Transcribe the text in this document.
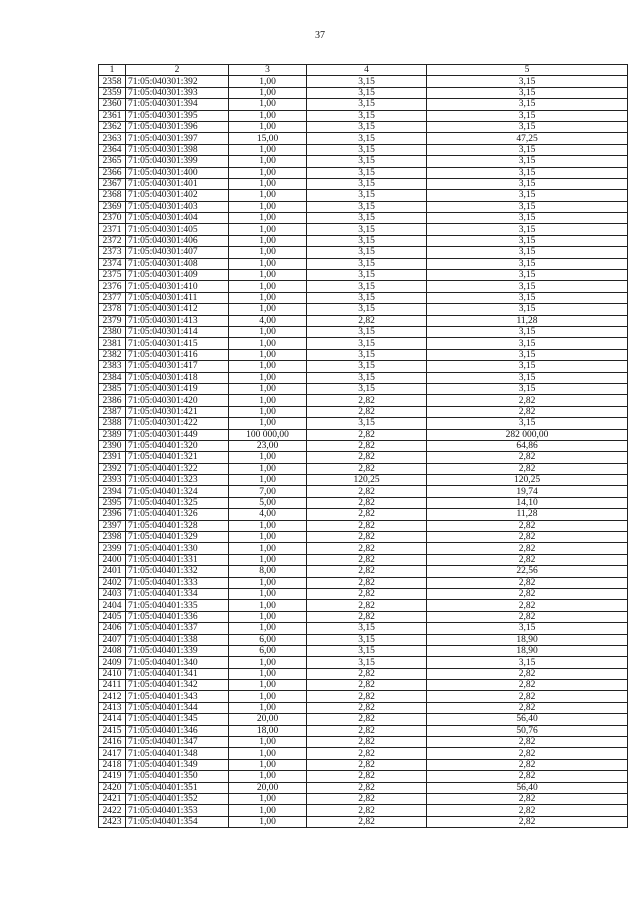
37
1	2	3	4	5
2358	71:05:040301:392	1,00	3,15	3,15
2359	71:05:040301:393	1,00	3,15	3,15
2360	71:05:040301:394	1,00	3,15	3,15
2361	71:05:040301:395	1,00	3,15	3,15
2362	71:05:040301:396	1,00	3,15	3,15
2363	71:05:040301:397	15,00	3,15	47,25
2364	71:05:040301:398	1,00	3,15	3,15
2365	71:05:040301:399	1,00	3,15	3,15
2366	71:05:040301:400	1,00	3,15	3,15
2367	71:05:040301:401	1,00	3,15	3,15
2368	71:05:040301:402	1,00	3,15	3,15
2369	71:05:040301:403	1,00	3,15	3,15
2370	71:05:040301:404	1,00	3,15	3,15
2371	71:05:040301:405	1,00	3,15	3,15
2372	71:05:040301:406	1,00	3,15	3,15
2373	71:05:040301:407	1,00	3,15	3,15
2374	71:05:040301:408	1,00	3,15	3,15
2375	71:05:040301:409	1,00	3,15	3,15
2376	71:05:040301:410	1,00	3,15	3,15
2377	71:05:040301:411	1,00	3,15	3,15
2378	71:05:040301:412	1,00	3,15	3,15
2379	71:05:040301:413	4,00	2,82	11,28
2380	71:05:040301:414	1,00	3,15	3,15
2381	71:05:040301:415	1,00	3,15	3,15
2382	71:05:040301:416	1,00	3,15	3,15
2383	71:05:040301:417	1,00	3,15	3,15
2384	71:05:040301:418	1,00	3,15	3,15
2385	71:05:040301:419	1,00	3,15	3,15
2386	71:05:040301:420	1,00	2,82	2,82
2387	71:05:040301:421	1,00	2,82	2,82
2388	71:05:040301:422	1,00	3,15	3,15
2389	71:05:040301:449	100 000,00	2,82	282 000,00
2390	71:05:040401:320	23,00	2,82	64,86
2391	71:05:040401:321	1,00	2,82	2,82
2392	71:05:040401:322	1,00	2,82	2,82
2393	71:05:040401:323	1,00	120,25	120,25
2394	71:05:040401:324	7,00	2,82	19,74
2395	71:05:040401:325	5,00	2,82	14,10
2396	71:05:040401:326	4,00	2,82	11,28
2397	71:05:040401:328	1,00	2,82	2,82
2398	71:05:040401:329	1,00	2,82	2,82
2399	71:05:040401:330	1,00	2,82	2,82
2400	71:05:040401:331	1,00	2,82	2,82
2401	71:05:040401:332	8,00	2,82	22,56
2402	71:05:040401:333	1,00	2,82	2,82
2403	71:05:040401:334	1,00	2,82	2,82
2404	71:05:040401:335	1,00	2,82	2,82
2405	71:05:040401:336	1,00	2,82	2,82
2406	71:05:040401:337	1,00	3,15	3,15
2407	71:05:040401:338	6,00	3,15	18,90
2408	71:05:040401:339	6,00	3,15	18,90
2409	71:05:040401:340	1,00	3,15	3,15
2410	71:05:040401:341	1,00	2,82	2,82
2411	71:05:040401:342	1,00	2,82	2,82
2412	71:05:040401:343	1,00	2,82	2,82
2413	71:05:040401:344	1,00	2,82	2,82
2414	71:05:040401:345	20,00	2,82	56,40
2415	71:05:040401:346	18,00	2,82	50,76
2416	71:05:040401:347	1,00	2,82	2,82
2417	71:05:040401:348	1,00	2,82	2,82
2418	71:05:040401:349	1,00	2,82	2,82
2419	71:05:040401:350	1,00	2,82	2,82
2420	71:05:040401:351	20,00	2,82	56,40
2421	71:05:040401:352	1,00	2,82	2,82
2422	71:05:040401:353	1,00	2,82	2,82
2423	71:05:040401:354	1,00	2,82	2,82
